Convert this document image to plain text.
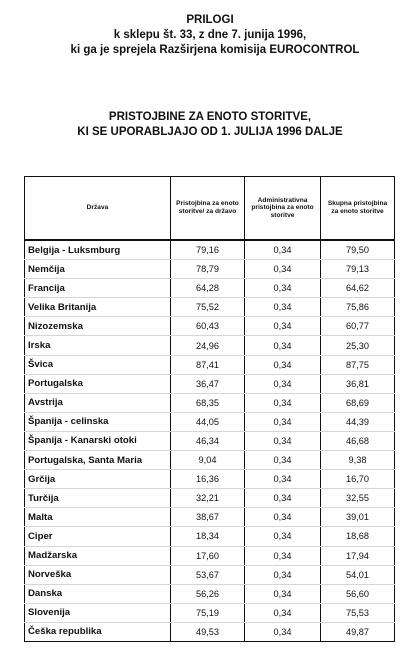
PRILOGI
k sklepu št. 33, z dne 7. junija 1996,
ki ga je sprejela Razširjena komisija EUROCONTROL
PRISTOJBINE ZA ENOTO STORITVE,
KI SE UPORABLJAJO OD 1. JULIJA 1996 DALJE
Država	Pristojbina za enoto storitve/ za državo	Administrativna pristojbina za enoto storitve	Skupna pristojbina za enoto storitve
Belgija - Luksmburg	79,16	0,34	79,50
Nemčija	78,79	0,34	79,13
Francija	64,28	0,34	64,62
Velika Britanija	75,52	0,34	75,86
Nizozemska	60,43	0,34	60,77
Irska	24,96	0,34	25,30
Švica	87,41	0,34	87,75
Portugalska	36,47	0,34	36,81
Avstrija	68,35	0,34	68,69
Španija - celinska	44,05	0,34	44,39
Španija - Kanarski otoki	46,34	0,34	46,68
Portugalska, Santa Maria	9,04	0,34	9,38
Grčija	16,36	0,34	16,70
Turčija	32,21	0,34	32,55
Malta	38,67	0,34	39,01
Ciper	18,34	0,34	18,68
Madžarska	17,60	0,34	17,94
Norveška	53,67	0,34	54,01
Danska	56,26	0,34	56,60
Slovenija	75,19	0,34	75,53
Češka republika	49,53	0,34	49,87
